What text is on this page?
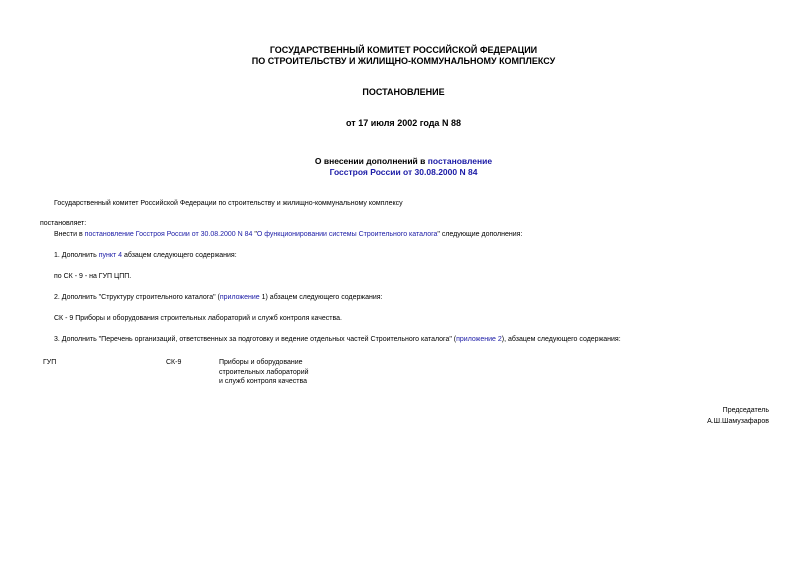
ГОСУДАРСТВЕННЫЙ КОМИТЕТ РОССИЙСКОЙ ФЕДЕРАЦИИ
ПО СТРОИТЕЛЬСТВУ И ЖИЛИЩНО-КОММУНАЛЬНОМУ КОМПЛЕКСУ
ПОСТАНОВЛЕНИЕ
от 17 июля 2002 года N 88
О внесении дополнений в постановление
Госстроя России от 30.08.2000 N 84
Государственный комитет Российской Федерации по строительству и жилищно-коммунальному комплексу
постановляет:
Внести в постановление Госстроя России от 30.08.2000 N 84 "О функционировании системы Строительного каталога" следующие дополнения:
1. Дополнить пункт 4 абзацем следующего содержания:
по СК - 9 - на ГУП ЦПП.
2. Дополнить "Структуру строительного каталога" (приложение 1) абзацем следующего содержания:
СК - 9 Приборы и оборудования строительных лабораторий и служб контроля качества.
3. Дополнить "Перечень организаций, ответственных за подготовку и ведение отдельных частей Строительного каталога" (приложение 2), абзацем следующего содержания:
ГУП	СК-9	Приборы и оборудование
строительных лабораторий
и служб контроля качества
Председатель
А.Ш.Шамузафаров
